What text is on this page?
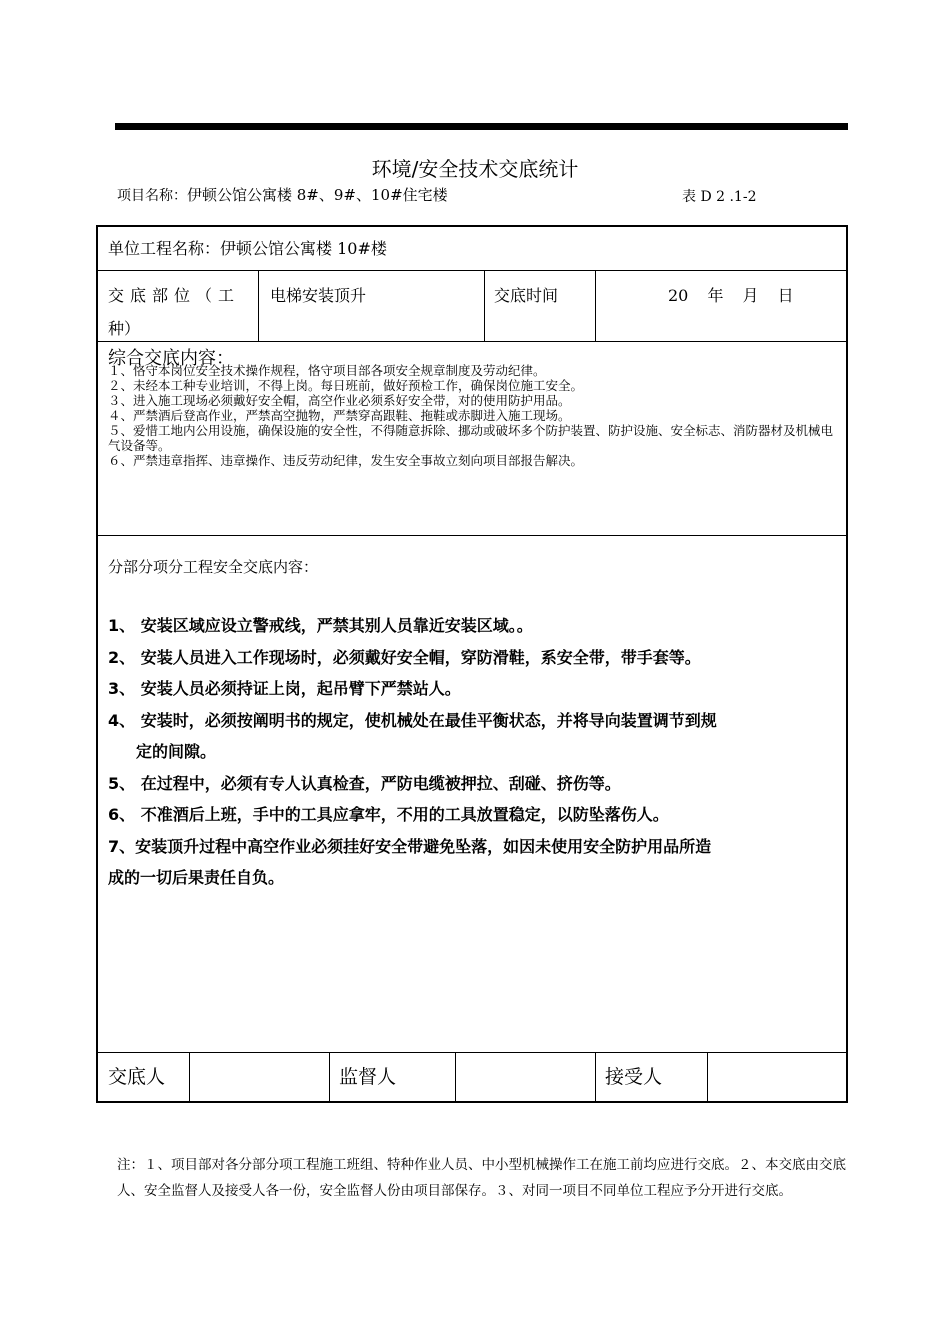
环境/安全技术交底统计
项目名称：伊顿公馆公寓楼 8#、9#、10#住宅楼	表 D 2 .1-2
单位工程名称：伊顿公馆公寓楼 10#楼
交底部位（工
种）
电梯安装顶升	交底时间	20 年 月 日
综合交底内容：
１、恪守本岗位安全技术操作规程，恪守项目部各项安全规章制度及劳动纪律。
２、未经本工种专业培训，不得上岗。每日班前，做好预检工作，确保岗位施工安全。
３、进入施工现场必须戴好安全帽，高空作业必须系好安全带，对的使用防护用品。
４、严禁酒后登高作业，严禁高空抛物，严禁穿高跟鞋、拖鞋或赤脚进入施工现场。
５、爱惜工地内公用设施，确保设施的安全性，不得随意拆除、挪动或破坏多个防护装置、防护设施、安全标志、消防器材及机械电气设备等。
６、严禁违章指挥、违章操作、违反劳动纪律，发生安全事故立刻向项目部报告解决。
分部分项分工程安全交底内容：
1、 安装区域应设立警戒线，严禁其别人员靠近安装区域。。
2、 安装人员进入工作现场时，必须戴好安全帽，穿防滑鞋，系安全带，带手套等。
3、 安装人员必须持证上岗，起吊臂下严禁站人。
4、 安装时，必须按阐明书的规定，使机械处在最佳平衡状态，并将导向装置调节到规
定的间隙。
5、 在过程中，必须有专人认真检查，严防电缆被押拉、刮碰、挤伤等。
6、 不准酒后上班，手中的工具应拿牢，不用的工具放置稳定，以防坠落伤人。
7、安装顶升过程中高空作业必须挂好安全带避免坠落，如因未使用安全防护用品所造
成的一切后果责任自负。
交底人	监督人	接受人
注：１、项目部对各分部分项工程施工班组、特种作业人员、中小型机械操作工在施工前均应进行交底。２、本交底由交底人、安全监督人及接受人各一份，安全监督人份由项目部保存。３、对同一项目不同单位工程应予分开进行交底。
